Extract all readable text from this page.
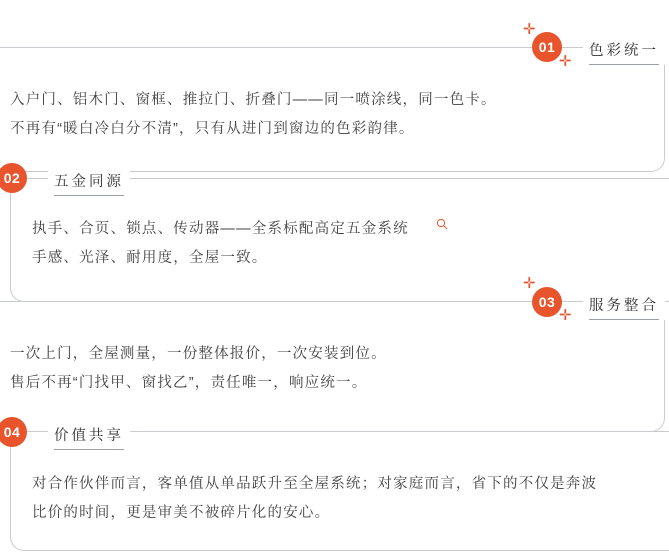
✛
✛
01	色彩统一
入户门、铝木门、窗框、推拉门、折叠门——同一喷涂线，同一色卡。
不再有“暖白冷白分不清”，只有从进门到窗边的色彩韵律。
02	五金同源
执手、合页、锁点、传动器——全系标配高定五金系统
手感、光泽、耐用度，全屋一致。
✛
✛
03	服务整合
一次上门，全屋测量，一份整体报价，一次安装到位。
售后不再“门找甲、窗找乙”，责任唯一，响应统一。
04	价值共享
对合作伙伴而言，客单值从单品跃升至全屋系统；对家庭而言，省下的不仅是奔波
比价的时间，更是审美不被碎片化的安心。
